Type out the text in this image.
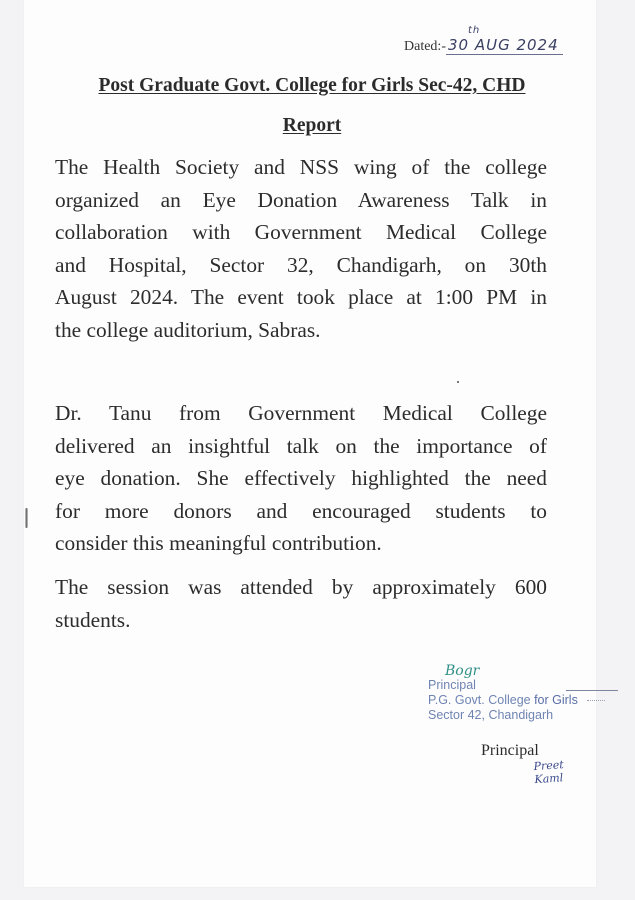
Dated:- 30 AUG 2024
th
Post Graduate Govt. College for Girls Sec-42, CHD
Report
The Health Society and NSS wing of the college
organized an Eye Donation Awareness Talk in
collaboration with Government Medical College
and Hospital, Sector 32, Chandigarh, on 30th
August 2024. The event took place at 1:00 PM in
the college auditorium, Sabras.
Dr. Tanu from Government Medical College
delivered an insightful talk on the importance of
eye donation. She effectively highlighted the need
for more donors and encouraged students to
consider this meaningful contribution.
The session was attended by approximately 600
students.
Bogr
Principal
P.G. Govt. College for Girls
Sector 42, Chandigarh
Principal
Preet Kaml
